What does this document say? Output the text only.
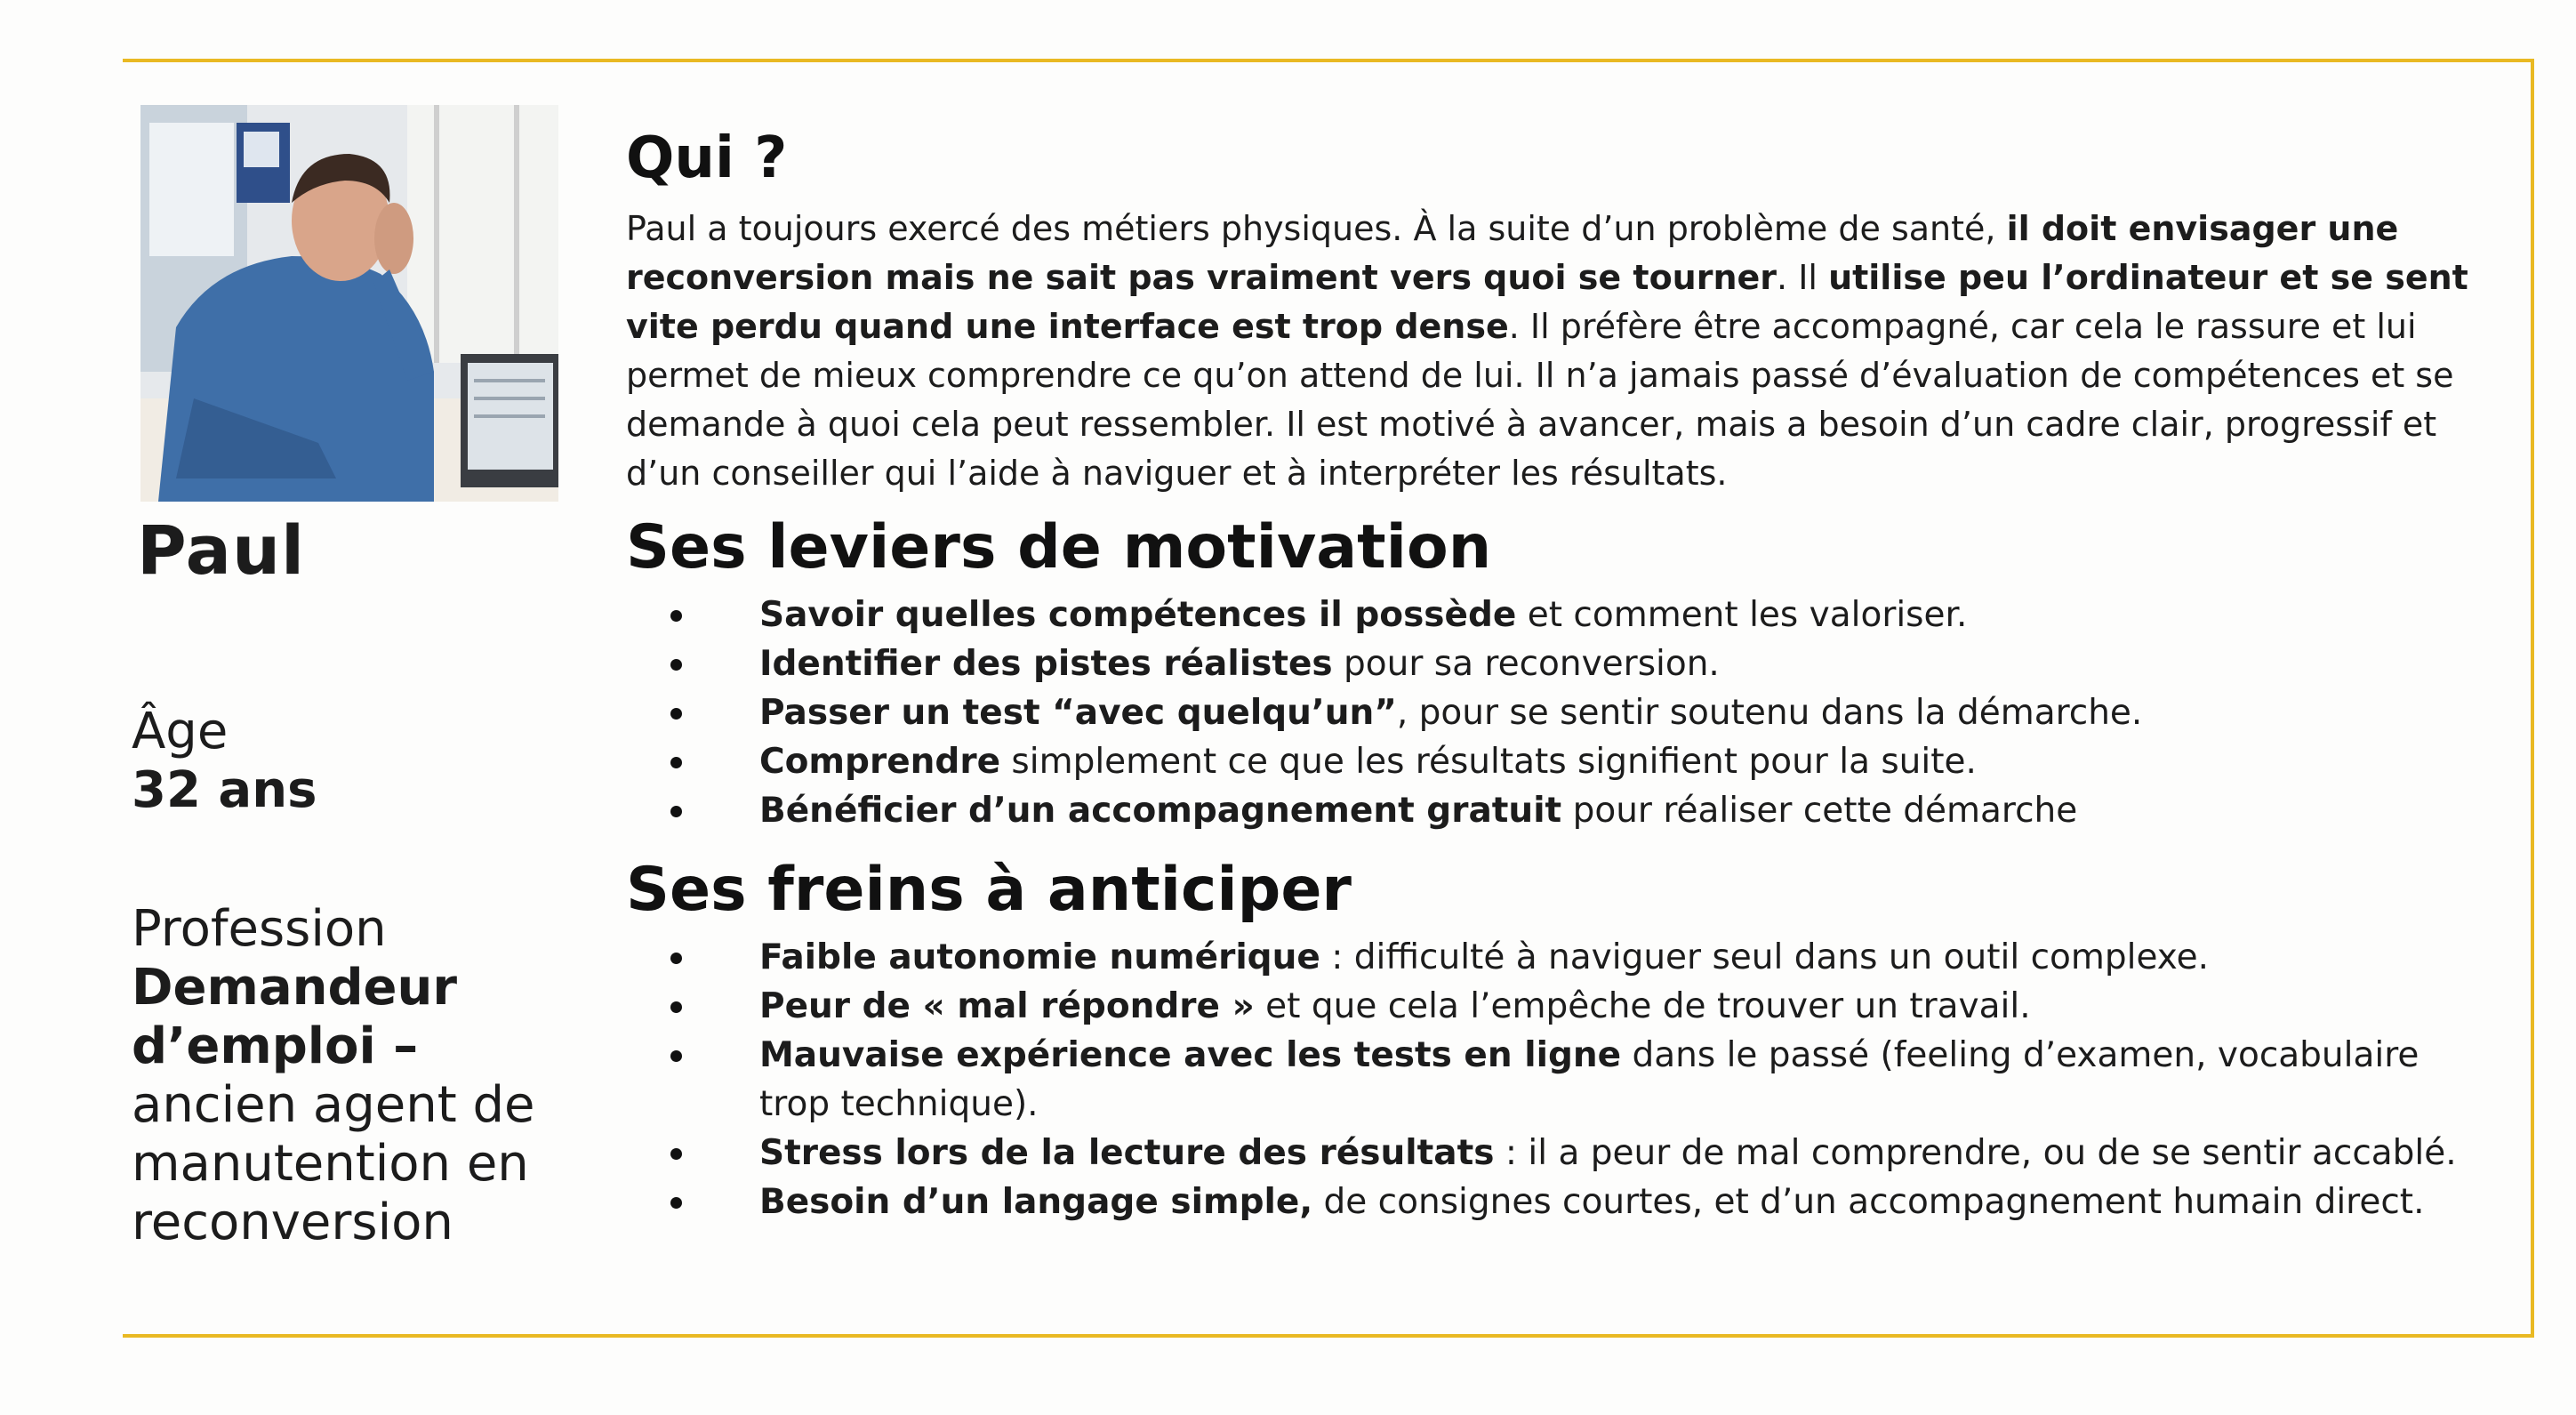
Paul
Âge
32 ans
Profession
Demandeur d’emploi –
ancien agent de manutention en reconversion
Qui ?

Paul a toujours exercé des métiers physiques. À la suite d’un problème de santé, il doit envisager une reconversion mais ne sait pas vraiment vers quoi se tourner. Il utilise peu l’ordinateur et se sent vite perdu quand une interface est trop dense. Il préfère être accompagné, car cela le rassure et lui permet de mieux comprendre ce qu’on attend de lui. Il n’a jamais passé d’évaluation de compétences et se demande à quoi cela peut ressembler. Il est motivé à avancer, mais a besoin d’un cadre clair, progressif et d’un conseiller qui l’aide à naviguer et à interpréter les résultats.

Ses leviers de motivation
Savoir quelles compétences il possède et comment les valoriser.
Identifier des pistes réalistes pour sa reconversion.
Passer un test “avec quelqu’un”, pour se sentir soutenu dans la démarche.
Comprendre simplement ce que les résultats signifient pour la suite.
Bénéficier d’un accompagnement gratuit pour réaliser cette démarche
Ses freins à anticiper
Faible autonomie numérique : difficulté à naviguer seul dans un outil complexe.
Peur de « mal répondre » et que cela l’empêche de trouver un travail.
Mauvaise expérience avec les tests en ligne dans le passé (feeling d’examen, vocabulaire trop technique).
Stress lors de la lecture des résultats : il a peur de mal comprendre, ou de se sentir accablé.
Besoin d’un langage simple, de consignes courtes, et d’un accompagnement humain direct.
